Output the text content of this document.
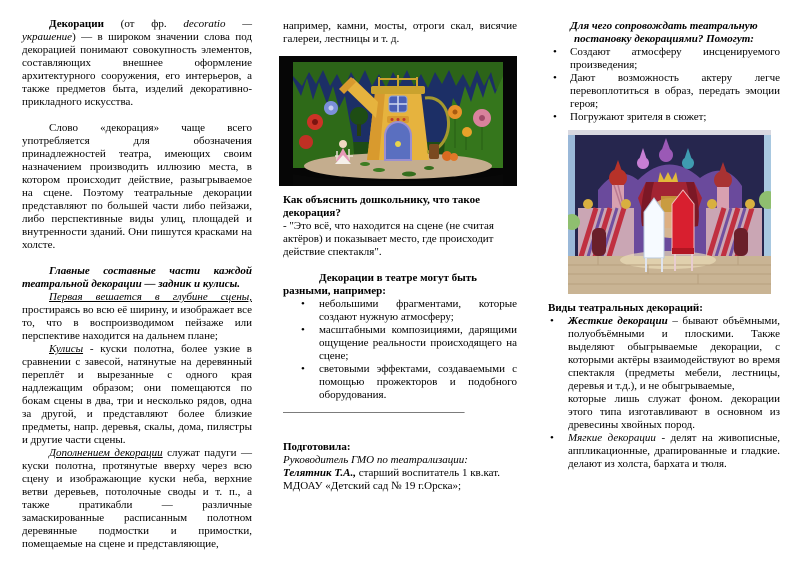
Декорации (от фр. decoratio — украшение) — в широком значении слова под декорацией понимают совокупность элементов, составляющих внешнее оформление архитектурного сооружения, его интерьеров, а также предметов быта, изделий декоративно-прикладного искусства.

Слово «декорация» чаще всего употребляется для обозначения принадлежностей театра, имеющих своим назначением производить иллюзию места, в котором происходит действие, разыгрываемое на сцене. Поэтому театральные декорации представляют по большей части либо пейзажи, либо перспективные виды улиц, площадей и внутренности зданий. Они пишутся красками на холсте.

Главные составные части каждой театральной декорации — задник и кулисы.

Первая вешается в глубине сцены, простираясь во всю её ширину, и изображает все то, что в воспроизводимом пейзаже или перспективе находится на дальнем плане;

Кулисы - куски полотна, более узкие в сравнении с завесой, натянутые на деревянный переплёт и вырезанные с одного края надлежащим образом; они помещаются по бокам сцены в два, три и несколько рядов, одна за другой, и представляют более близкие предметы, напр. деревья, скалы, дома, пилястры и другие части сцены.

Дополнением декорации служат падуги — куски полотна, протянутые вверху через всю сцену и изображающие куски неба, верхние ветви деревьев, потолочные своды и т. п., а также пратикабли — различные замаскированные расписанным полотном деревянные подмостки и примостки, помещаемые на сцене и представляющие,

например, камни, мосты, отроги скал, висячие галереи, лестницы и т. д.

Как объяснить дошкольнику, что такое декорация?

- "Это всё, что находится на сцене (не считая актёров) и показывает место, где происходит действие спектакля".

Декорации в театре могут быть разными, например:

•	небольшими фрагментами, которые создают нужную атмосферу;
•	масштабными композициями, дарящими ощущение реальности происходящего на сцене;
•	световыми эффектами, создаваемыми с помощью прожекторов и подобного оборудования.

_________________________________

Подготовила:

Руководитель ГМО по театрализации:

Телятник Т.А., старший воспитатель 1 кв.кат.

МДОАУ «Детский сад № 19 г.Орска»;

Для чего сопровождать театральную постановку декорациями? Помогут:

•	Создают атмосферу инсценируемого произведения;
•	Дают возможность актеру легче перевоплотиться в образ, передать эмоции героя;
•	Погружают зрителя в сюжет;

Виды театральных декораций:

•	Жесткие декорации – бывают объёмными, полуобъёмными и плоскими. Также выделяют обыгрываемые декорации, с которыми актёры взаимодействуют во время спектакля (предметы мебели, лестницы, деревья и т.д.), и не обыгрываемые,
которые лишь служат фоном. декорации этого типа изготавливают в основном из древесины хвойных пород.
•	Мягкие декорации - делят на живописные, аппликационные, драпированные и гладкие. делают из холста, бархата и тюля.
